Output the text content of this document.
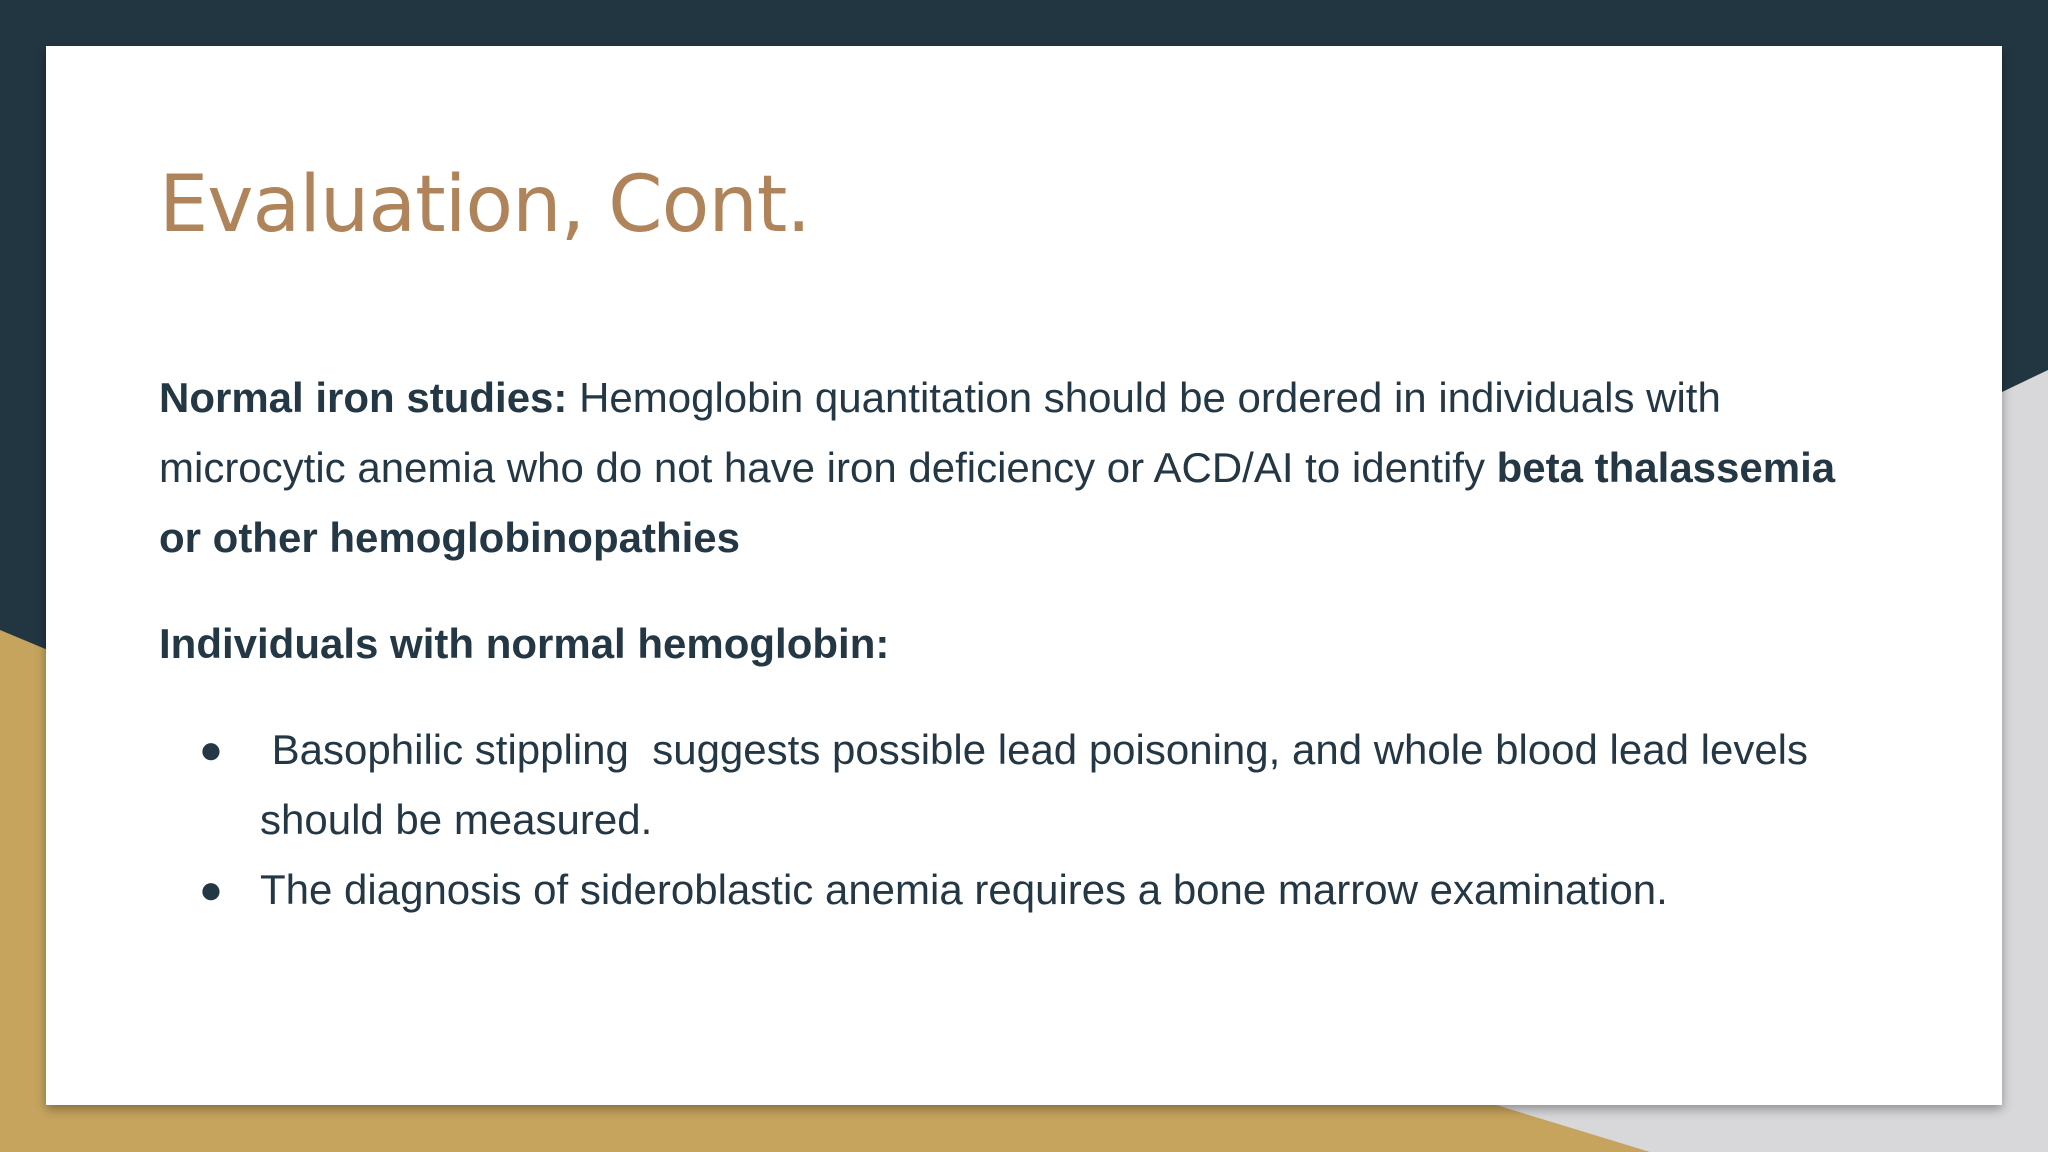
Evaluation, Cont.

Normal iron studies: Hemoglobin quantitation should be ordered in individuals with microcytic anemia who do not have iron deficiency or ACD/AI to identify beta thalassemia or other hemoglobinopathies

Individuals with normal hemoglobin:

● Basophilic stippling  suggests possible lead poisoning, and whole blood lead levels should be measured.
● The diagnosis of sideroblastic anemia requires a bone marrow examination.
